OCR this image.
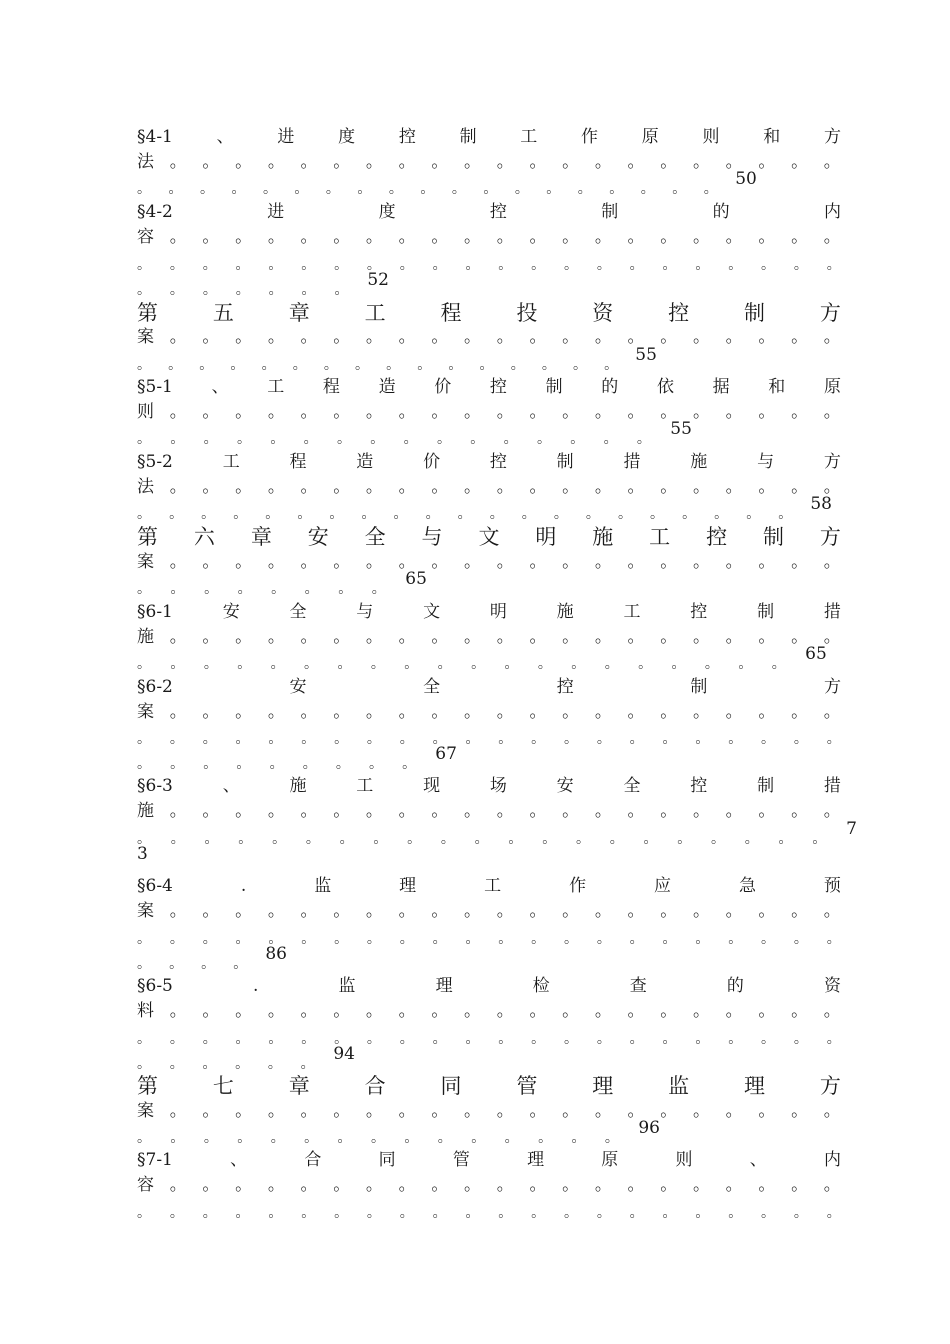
§4-1	、	进	度	控	制	工	作	原	则	和	方
法 。 。 。 。 。 。 。 。 。 。 。 。 。 。 。 。 。 。 。 。 。
。 。 。 。 。 。 。 。 。 。 。 。 。 。 。 。 。 。 。 50
§4-2	进	度	控	制	的	内
容 。 。 。 。 。 。 。 。 。 。 。 。 。 。 。 。 。 。 。 。 。
。 。 。 。 。 。 。 。 。 。 。 。 。 。 。 。 。 。 。 。 。 。
。 。 。 。 。 。 。 52
第	五	章	工	程	投	资	控	制	方
案 。 。 。 。 。 。 。 。 。 。 。 。 。 。 。 。 。 。 。 。 。
。 。 。 。 。 。 。 。 。 。 。 。 。 。 。 。 55
§5-1 、 工 程 造 价 控 制 的 依 据 和 原
则 。 。 。 。 。 。 。 。 。 。 。 。 。 。 。 。 。 。 。 。 。
。 。 。 。 。 。 。 。 。 。 。 。 。 。 。 。 55
§5-2	工	程	造	价	控	制	措	施	与	方
法 。 。 。 。 。 。 。 。 。 。 。 。 。 。 。 。 。 。 。 。 。
。 。 。 。 。 。 。 。 。 。 。 。 。 。 。 。 。 。 。 。 。 58
第 六 章 安 全 与 文 明 施 工 控 制 方
案 。 。 。 。 。 。 。 。 。 。 。 。 。 。 。 。 。 。 。 。 。
。 。 。 。 。 。 。 。 65
§6-1	安	全	与	文	明	施	工	控	制	措
施 。 。 。 。 。 。 。 。 。 。 。 。 。 。 。 。 。 。 。 。 。
。 。 。 。 。 。 。 。 。 。 。 。 。 。 。 。 。 。 。 。 65
§6-2	安	全	控	制	方
案 。 。 。 。 。 。 。 。 。 。 。 。 。 。 。 。 。 。 。 。 。
。 。 。 。 。 。 。 。 。 。 。 。 。 。 。 。 。 。 。 。 。 。
。 。 。 。 。 。 。 。 。 67
§6-3	、	施	工	现	场	安	全	控	制	措
施 。 。 。 。 。 。 。 。 。 。 。 。 。 。 。 。 。 。 。 。 。
。 。 。 。 。 。 。 。 。 。 。 。 。 。 。 。 。 。 。 。 。 7
3
§6-4	.	监	理	工	作	应	急	预
案 。 。 。 。 。 。 。 。 。 。 。 。 。 。 。 。 。 。 。 。 。
。 。 。 。 。 。 。 。 。 。 。 。 。 。 。 。 。 。 。 。 。 。
。 。 。 。 86
§6-5	.	监	理	检	查	的	资
料 。 。 。 。 。 。 。 。 。 。 。 。 。 。 。 。 。 。 。 。 。
。 。 。 。 。 。 。 。 。 。 。 。 。 。 。 。 。 。 。 。 。 。
。 。 。 。 。 。 94
第	七	章	合	同	管	理	监	理	方
案 。 。 。 。 。 。 。 。 。 。 。 。 。 。 。 。 。 。 。 。 。
。 。 。 。 。 。 。 。 。 。 。 。 。 。 。 96
§7-1	、	合	同	管	理	原	则	、	内
容 。 。 。 。 。 。 。 。 。 。 。 。 。 。 。 。 。 。 。 。 。
。 。 。 。 。 。 。 。 。 。 。 。 。 。 。 。 。 。 。 。 。 。
